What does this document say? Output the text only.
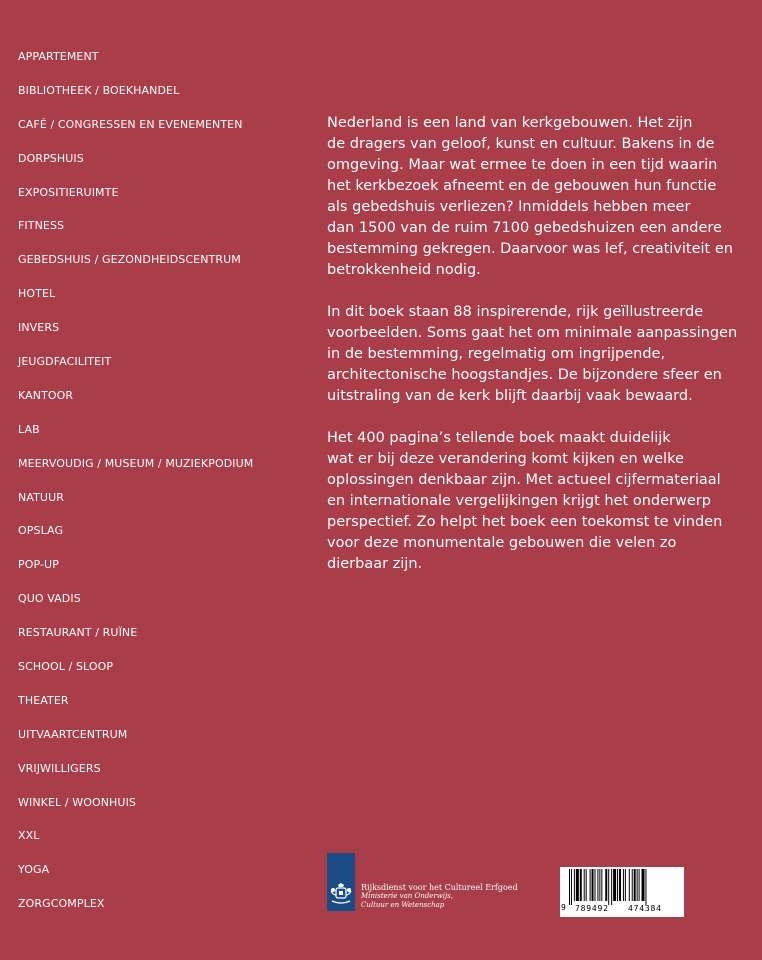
APPARTEMENT
BIBLIOTHEEK / BOEKHANDEL
CAFÉ / CONGRESSEN EN EVENEMENTEN
DORPSHUIS
EXPOSITIERUIMTE
FITNESS
GEBEDSHUIS / GEZONDHEIDSCENTRUM
HOTEL
INVERS
JEUGDFACILITEIT
KANTOOR
LAB
MEERVOUDIG / MUSEUM / MUZIEKPODIUM
NATUUR
OPSLAG
POP-UP
QUO VADIS
RESTAURANT / RUÏNE
SCHOOL / SLOOP
THEATER
UITVAARTCENTRUM
VRIJWILLIGERS
WINKEL / WOONHUIS
XXL
YOGA
ZORGCOMPLEX

Nederland is een land van kerkgebouwen. Het zijn
de dragers van geloof, kunst en cultuur. Bakens in de
omgeving. Maar wat ermee te doen in een tijd waarin
het kerkbezoek afneemt en de gebouwen hun functie
als gebedshuis verliezen? Inmiddels hebben meer
dan 1500 van de ruim 7100 gebedshuizen een andere
bestemming gekregen. Daarvoor was lef, creativiteit en
betrokkenheid nodig.

In dit boek staan 88 inspirerende, rijk geïllustreerde
voorbeelden. Soms gaat het om minimale aanpassingen
in de bestemming, regelmatig om ingrijpende,
architectonische hoogstandjes. De bijzondere sfeer en
uitstraling van de kerk blijft daarbij vaak bewaard.

Het 400 pagina’s tellende boek maakt duidelijk
wat er bij deze verandering komt kijken en welke
oplossingen denkbaar zijn. Met actueel cijfermateriaal
en internationale vergelijkingen krijgt het onderwerp
perspectief. Zo helpt het boek een toekomst te vinden
voor deze monumentale gebouwen die velen zo
dierbaar zijn.

Rijksdienst voor het Cultureel Erfgoed
Ministerie van Onderwijs, Cultuur en Wetenschap	9 789492 474384
